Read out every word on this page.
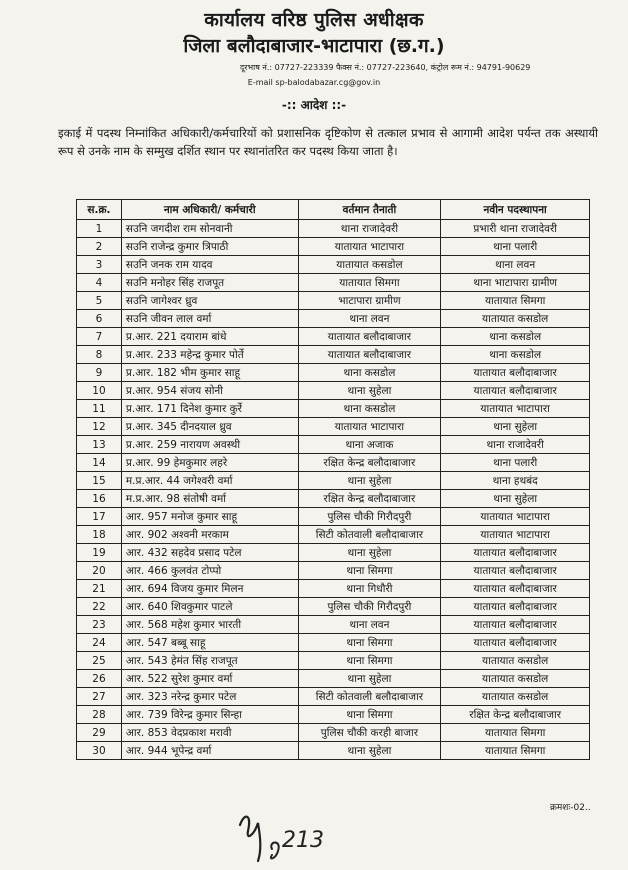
कार्यालय वरिष्ठ पुलिस अधीक्षक
जिला बलौदाबाजार-भाटापारा (छ.ग.)
दूरभाष नं.: 07727-223339 फैक्स नं.: 07727-223640, कंट्रोल रूम नं.: 94791-90629
E-mail sp-balodabazar.cg@gov.in
-:: आदेश ::-
इकाई में पदस्थ निम्नांकित अधिकारी/कर्मचारियों को प्रशासनिक दृष्टिकोण से तत्काल प्रभाव से आगामी आदेश पर्यन्त तक अस्थायी रूप से उनके नाम के सम्मुख दर्शित स्थान पर स्थानांतरित कर पदस्थ किया जाता है।
स.क्र.	नाम अधिकारी/ कर्मचारी	वर्तमान तैनाती	नवीन पदस्थापना
1	सउनि जगदीश राम सोनवानी	थाना राजादेवरी	प्रभारी थाना राजादेवरी
2	सउनि राजेन्द्र कुमार त्रिपाठी	यातायात भाटापारा	थाना पलारी
3	सउनि जनक राम यादव	यातायात कसडोल	थाना लवन
4	सउनि मनोहर सिंह राजपूत	यातायात सिमगा	थाना भाटापारा ग्रामीण
5	सउनि जागेश्वर ध्रुव	भाटापारा ग्रामीण	यातायात सिमगा
6	सउनि जीवन लाल वर्मा	थाना लवन	यातायात कसडोल
7	प्र.आर. 221 दयाराम बांधे	यातायात बलौदाबाजार	थाना कसडोल
8	प्र.आर. 233 महेन्द्र कुमार पोर्ते	यातायात बलौदाबाजार	थाना कसडोल
9	प्र.आर. 182 भीम कुमार साहू	थाना कसडोल	यातायात बलौदाबाजार
10	प्र.आर. 954 संजय सोनी	थाना सुहेला	यातायात बलौदाबाजार
11	प्र.आर. 171 दिनेश कुमार कुर्रे	थाना कसडोल	यातायात भाटापारा
12	प्र.आर. 345 दीनदयाल ध्रुव	यातायात भाटापारा	थाना सुहेला
13	प्र.आर. 259 नारायण अवस्थी	थाना अजाक	थाना राजादेवरी
14	प्र.आर. 99 हेमकुमार लहरे	रक्षित केन्द्र बलौदाबाजार	थाना पलारी
15	म.प्र.आर. 44 जगेश्वरी वर्मा	थाना सुहेला	थाना हथबंद
16	म.प्र.आर. 98 संतोषी वर्मा	रक्षित केन्द्र बलौदाबाजार	थाना सुहेला
17	आर. 957 मनोज कुमार साहू	पुलिस चौकी गिरौदपुरी	यातायात भाटापारा
18	आर. 902 अश्वनी मरकाम	सिटी कोतवाली बलौदाबाजार	यातायात भाटापारा
19	आर. 432 सहदेव प्रसाद पटेल	थाना सुहेला	यातायात बलौदाबाजार
20	आर. 466 कुलवंत टोप्पो	थाना सिमगा	यातायात बलौदाबाजार
21	आर. 694 विजय कुमार मिलन	थाना गिधौरी	यातायात बलौदाबाजार
22	आर. 640 शिवकुमार पाटले	पुलिस चौकी गिरौदपुरी	यातायात बलौदाबाजार
23	आर. 568 महेश कुमार भारती	थाना लवन	यातायात बलौदाबाजार
24	आर. 547 बब्बू साहू	थाना सिमगा	यातायात बलौदाबाजार
25	आर. 543 हेमंत सिंह राजपूत	थाना सिमगा	यातायात कसडोल
26	आर. 522 सुरेश कुमार वर्मा	थाना सुहेला	यातायात कसडोल
27	आर. 323 नरेन्द्र कुमार पटेल	सिटी कोतवाली बलौदाबाजार	यातायात कसडोल
28	आर. 739 विरेन्द्र कुमार सिन्हा	थाना सिमगा	रक्षित केन्द्र बलौदाबाजार
29	आर. 853 वेदप्रकाश मरावी	पुलिस चौकी करही बाजार	यातायात सिमगा
30	आर. 944 भूपेन्द्र वर्मा	थाना सुहेला	यातायात सिमगा
क्रमशः-02..
213
